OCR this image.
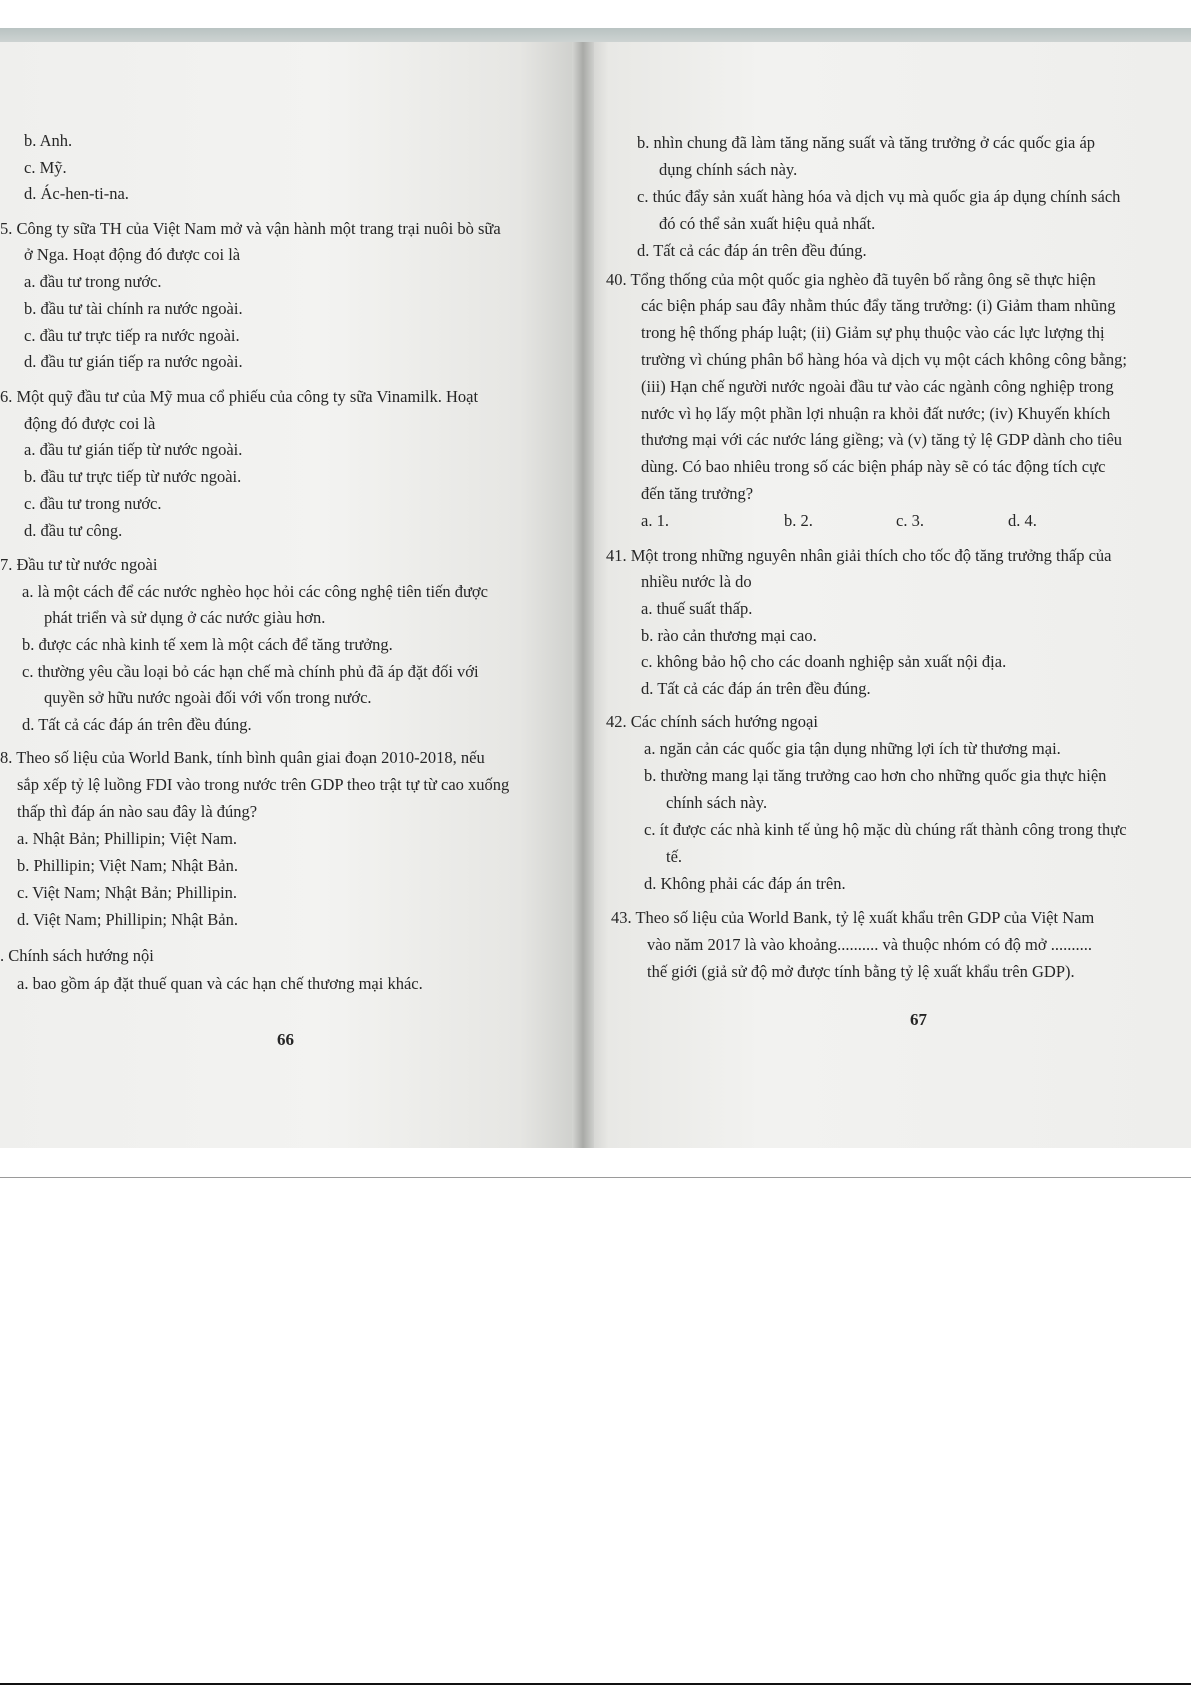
b. Anh.
c. Mỹ.
d. Ác-hen-ti-na.
5. Công ty sữa TH của Việt Nam mở và vận hành một trang trại nuôi bò sữa
ở Nga. Hoạt động đó được coi là
a. đầu tư trong nước.
b. đầu tư tài chính ra nước ngoài.
c. đầu tư trực tiếp ra nước ngoài.
d. đầu tư gián tiếp ra nước ngoài.
6. Một quỹ đầu tư của Mỹ mua cổ phiếu của công ty sữa Vinamilk. Hoạt
động đó được coi là
a. đầu tư gián tiếp từ nước ngoài.
b. đầu tư trực tiếp từ nước ngoài.
c. đầu tư trong nước.
d. đầu tư công.
7. Đầu tư từ nước ngoài
a. là một cách để các nước nghèo học hỏi các công nghệ tiên tiến được
phát triển và sử dụng ở các nước giàu hơn.
b. được các nhà kinh tế xem là một cách để tăng trưởng.
c. thường yêu cầu loại bỏ các hạn chế mà chính phủ đã áp đặt đối với
quyền sở hữu nước ngoài đối với vốn trong nước.
d. Tất cả các đáp án trên đều đúng.
8. Theo số liệu của World Bank, tính bình quân giai đoạn 2010-2018, nếu
sắp xếp tỷ lệ luồng FDI vào trong nước trên GDP theo trật tự từ cao xuống
thấp thì đáp án nào sau đây là đúng?
a. Nhật Bản; Phillipin; Việt Nam.
b. Phillipin; Việt Nam; Nhật Bản.
c. Việt Nam; Nhật Bản; Phillipin.
d. Việt Nam; Phillipin; Nhật Bản.
. Chính sách hướng nội
a. bao gồm áp đặt thuế quan và các hạn chế thương mại khác.
66
b. nhìn chung đã làm tăng năng suất và tăng trưởng ở các quốc gia áp
dụng chính sách này.
c. thúc đẩy sản xuất hàng hóa và dịch vụ mà quốc gia áp dụng chính sách
đó có thể sản xuất hiệu quả nhất.
d. Tất cả các đáp án trên đều đúng.
40. Tổng thống của một quốc gia nghèo đã tuyên bố rằng ông sẽ thực hiện
các biện pháp sau đây nhằm thúc đẩy tăng trưởng: (i) Giảm tham nhũng
trong hệ thống pháp luật; (ii) Giảm sự phụ thuộc vào các lực lượng thị
trường vì chúng phân bổ hàng hóa và dịch vụ một cách không công bằng;
(iii) Hạn chế người nước ngoài đầu tư vào các ngành công nghiệp trong
nước vì họ lấy một phần lợi nhuận ra khỏi đất nước; (iv) Khuyến khích
thương mại với các nước láng giềng; và (v) tăng tỷ lệ GDP dành cho tiêu
dùng. Có bao nhiêu trong số các biện pháp này sẽ có tác động tích cực
đến tăng trưởng?
a. 1.	b. 2.	c. 3.	d. 4.
41. Một trong những nguyên nhân giải thích cho tốc độ tăng trưởng thấp của
nhiều nước là do
a. thuế suất thấp.
b. rào cản thương mại cao.
c. không bảo hộ cho các doanh nghiệp sản xuất nội địa.
d. Tất cả các đáp án trên đều đúng.
42. Các chính sách hướng ngoại
a. ngăn cản các quốc gia tận dụng những lợi ích từ thương mại.
b. thường mang lại tăng trưởng cao hơn cho những quốc gia thực hiện
chính sách này.
c. ít được các nhà kinh tế ủng hộ mặc dù chúng rất thành công trong thực
tế.
d. Không phải các đáp án trên.
43. Theo số liệu của World Bank, tỷ lệ xuất khẩu trên GDP của Việt Nam
vào năm 2017 là vào khoảng.......... và thuộc nhóm có độ mở ..........
thế giới (giả sử độ mở được tính bằng tỷ lệ xuất khẩu trên GDP).
67
